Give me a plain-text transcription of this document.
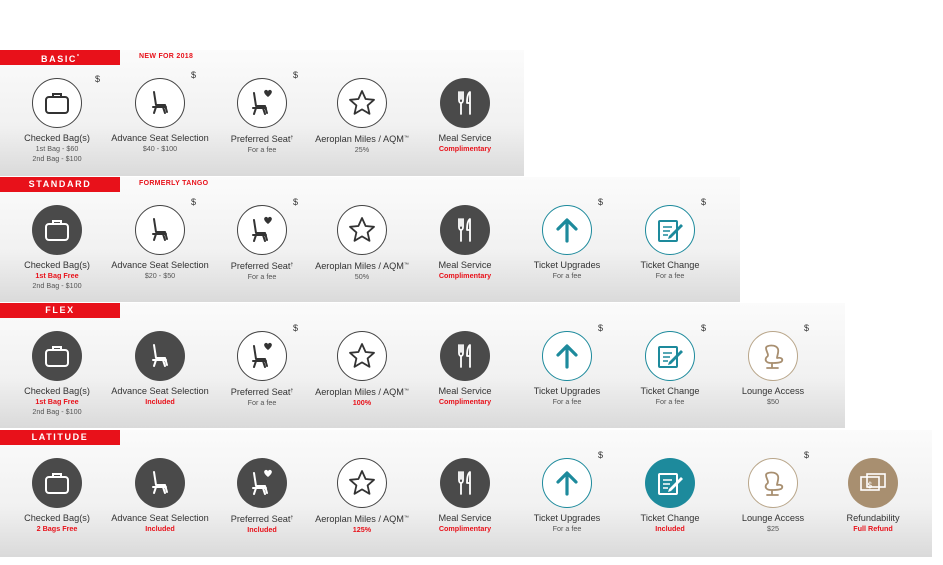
BASIC*	NEW FOR 2018
$
Checked Bag(s)
1st Bag - $60
2nd Bag - $100
$
Advance Seat Selection
$40 - $100
$
Preferred Seat†
For a fee
Aeroplan Miles / AQM™
25%
Meal Service
Complimentary
STANDARD	FORMERLY TANGO
Checked Bag(s)
1st Bag Free
2nd Bag - $100
$
Advance Seat Selection
$20 - $50
$
Preferred Seat†
For a fee
Aeroplan Miles / AQM™
50%
Meal Service
Complimentary
$
Ticket Upgrades
For a fee
$
Ticket Change
For a fee
FLEX
Checked Bag(s)
1st Bag Free
2nd Bag - $100
Advance Seat Selection
Included
$
Preferred Seat†
For a fee
Aeroplan Miles / AQM™
100%
Meal Service
Complimentary
$
Ticket Upgrades
For a fee
$
Ticket Change
For a fee
$
Lounge Access
$50
LATITUDE
Checked Bag(s)
2 Bags Free
Advance Seat Selection
Included
Preferred Seat†
Included
Aeroplan Miles / AQM™
125%
Meal Service
Complimentary
$
Ticket Upgrades
For a fee
Ticket Change
Included
$
Lounge Access
$25
Refundability
Full Refund
